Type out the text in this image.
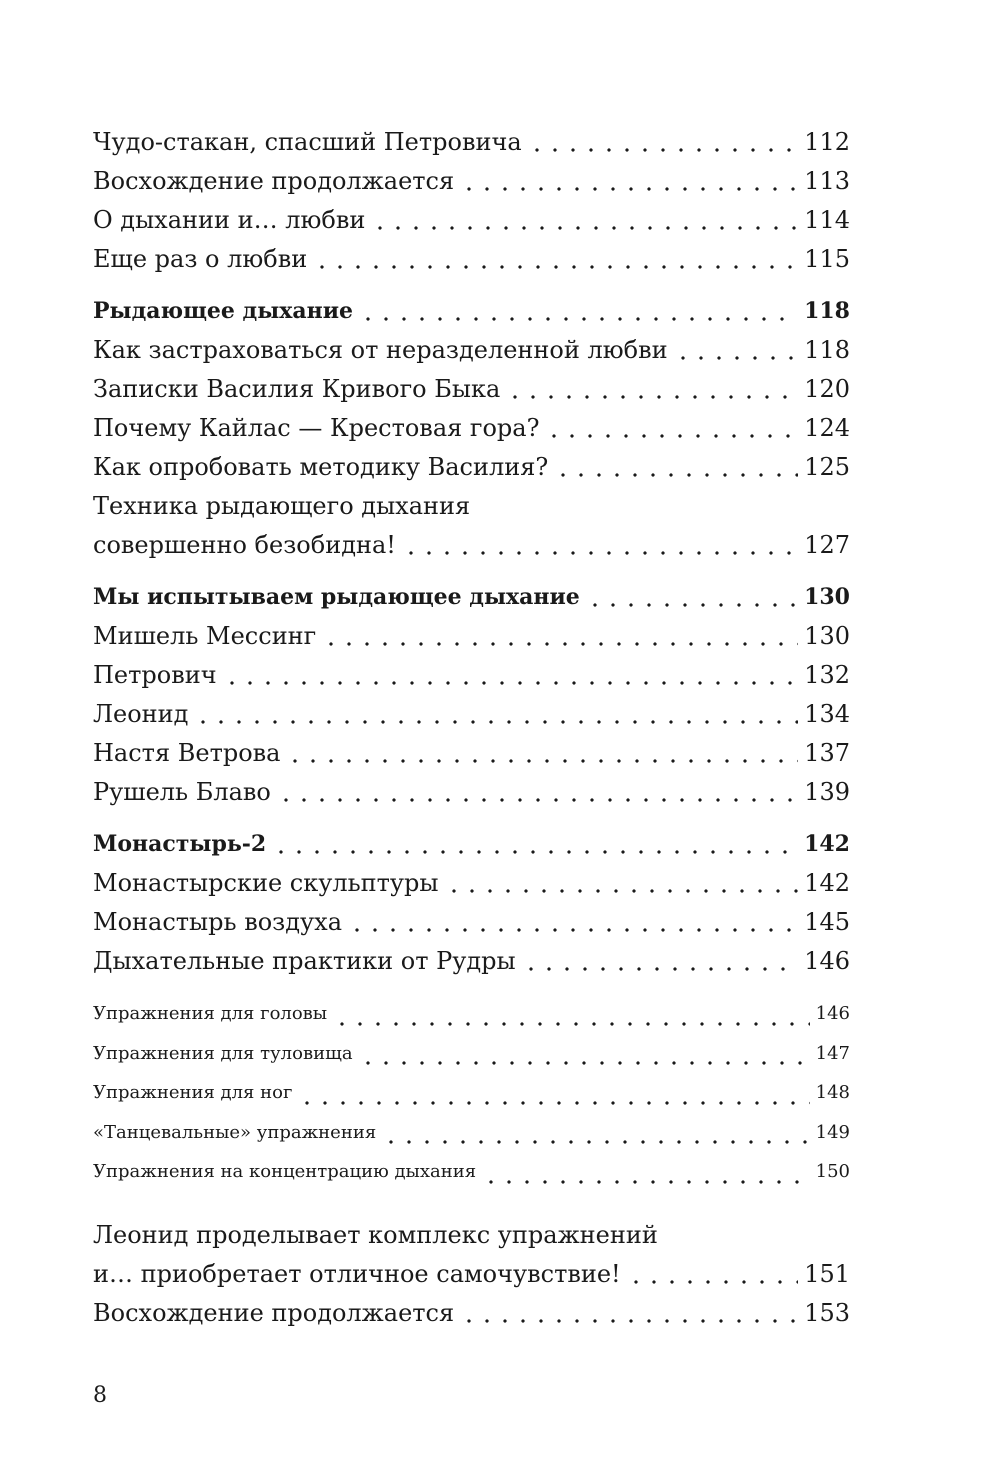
Чудо-стакан, спасший Петровича	112
Восхождение продолжается	113
О дыхании и… любви	114
Еще раз о любви	115
Рыдающее дыхание	118
Как застраховаться от неразделенной любви	118
Записки Василия Кривого Быка	120
Почему Кайлас — Крестовая гора?	124
Как опробовать методику Василия?	125
Техника рыдающего дыхания
совершенно безобидна!	127
Мы испытываем рыдающее дыхание	130
Мишель Мессинг	130
Петрович	132
Леонид	134
Настя Ветрова	137
Рушель Блаво	139
Монастырь-2	142
Монастырские скульптуры	142
Монастырь воздуха	145
Дыхательные практики от Рудры	146
Упражнения для головы	146
Упражнения для туловища	147
Упражнения для ног	148
«Танцевальные» упражнения	149
Упражнения на концентрацию дыхания	150
Леонид проделывает комплекс упражнений
и… приобретает отличное самочувствие!	151
Восхождение продолжается	153
8
